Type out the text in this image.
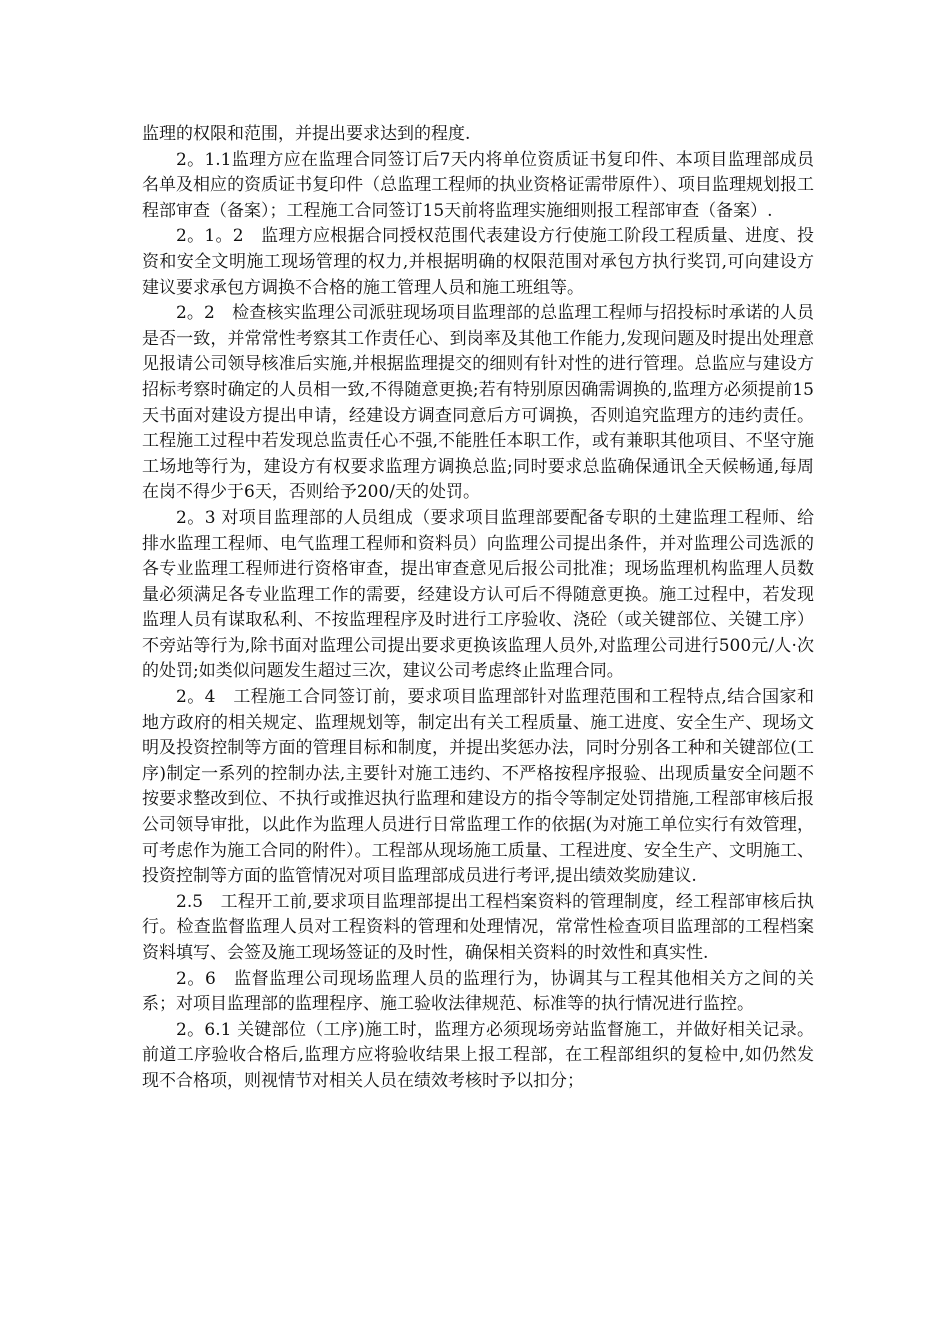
监理的权限和范围，并提出要求达到的程度.

2。1.1监理方应在监理合同签订后7天内将单位资质证书复印件、本项目监理部成员名单及相应的资质证书复印件（总监理工程师的执业资格证需带原件）、项目监理规划报工程部审查（备案）；工程施工合同签订15天前将监理实施细则报工程部审查（备案）.

2。1。2　监理方应根据合同授权范围代表建设方行使施工阶段工程质量、进度、投资和安全文明施工现场管理的权力,并根据明确的权限范围对承包方执行奖罚,可向建设方建议要求承包方调换不合格的施工管理人员和施工班组等。

2。2　检查核实监理公司派驻现场项目监理部的总监理工程师与招投标时承诺的人员是否一致，并常常性考察其工作责任心、到岗率及其他工作能力,发现问题及时提出处理意见报请公司领导核准后实施,并根据监理提交的细则有针对性的进行管理。总监应与建设方招标考察时确定的人员相一致,不得随意更换;若有特别原因确需调换的,监理方必须提前15天书面对建设方提出申请，经建设方调查同意后方可调换，否则追究监理方的违约责任。工程施工过程中若发现总监责任心不强,不能胜任本职工作，或有兼职其他项目、不坚守施工场地等行为，建设方有权要求监理方调换总监;同时要求总监确保通讯全天候畅通,每周在岗不得少于6天，否则给予200/天的处罚。

2。3 对项目监理部的人员组成（要求项目监理部要配备专职的土建监理工程师、给排水监理工程师、电气监理工程师和资料员）向监理公司提出条件，并对监理公司选派的各专业监理工程师进行资格审查，提出审查意见后报公司批准；现场监理机构监理人员数量必须满足各专业监理工作的需要，经建设方认可后不得随意更换。施工过程中，若发现监理人员有谋取私利、不按监理程序及时进行工序验收、浇砼（或关键部位、关键工序）不旁站等行为,除书面对监理公司提出要求更换该监理人员外,对监理公司进行500元/人·次的处罚;如类似问题发生超过三次，建议公司考虑终止监理合同。

2。4　工程施工合同签订前，要求项目监理部针对监理范围和工程特点,结合国家和地方政府的相关规定、监理规划等，制定出有关工程质量、施工进度、安全生产、现场文明及投资控制等方面的管理目标和制度，并提出奖惩办法，同时分别各工种和关键部位(工序)制定一系列的控制办法,主要针对施工违约、不严格按程序报验、出现质量安全问题不按要求整改到位、不执行或推迟执行监理和建设方的指令等制定处罚措施,工程部审核后报公司领导审批，以此作为监理人员进行日常监理工作的依据(为对施工单位实行有效管理，可考虑作为施工合同的附件）。工程部从现场施工质量、工程进度、安全生产、文明施工、投资控制等方面的监管情况对项目监理部成员进行考评,提出绩效奖励建议.

2.5　工程开工前,要求项目监理部提出工程档案资料的管理制度，经工程部审核后执行。检查监督监理人员对工程资料的管理和处理情况，常常性检查项目监理部的工程档案资料填写、会签及施工现场签证的及时性，确保相关资料的时效性和真实性.

2。6　监督监理公司现场监理人员的监理行为，协调其与工程其他相关方之间的关系；对项目监理部的监理程序、施工验收法律规范、标准等的执行情况进行监控。

2。6.1 关键部位（工序)施工时，监理方必须现场旁站监督施工，并做好相关记录。前道工序验收合格后,监理方应将验收结果上报工程部，在工程部组织的复检中,如仍然发现不合格项，则视情节对相关人员在绩效考核时予以扣分；
